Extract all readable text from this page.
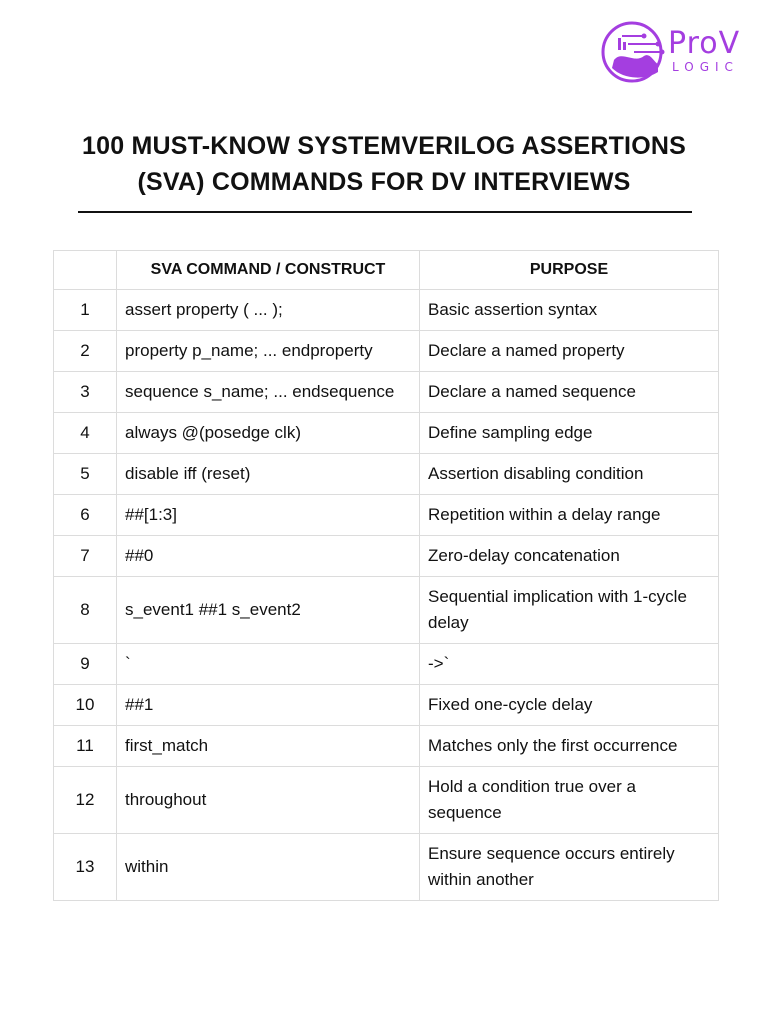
ProV
LOGIC
100 MUST-KNOW SYSTEMVERILOG ASSERTIONS
(SVA) COMMANDS FOR DV INTERVIEWS
	SVA COMMAND / CONSTRUCT	PURPOSE
1	assert property ( ... );	Basic assertion syntax
2	property p_name; ... endproperty	Declare a named property
3	sequence s_name; ... endsequence	Declare a named sequence
4	always @(posedge clk)	Define sampling edge
5	disable iff (reset)	Assertion disabling condition
6	##[1:3]	Repetition within a delay range
7	##0	Zero-delay concatenation
8	s_event1 ##1 s_event2	Sequential implication with 1-cycle delay
9	`	->`
10	##1	Fixed one-cycle delay
11	first_match	Matches only the first occurrence
12	throughout	Hold a condition true over a sequence
13	within	Ensure sequence occurs entirely within another
